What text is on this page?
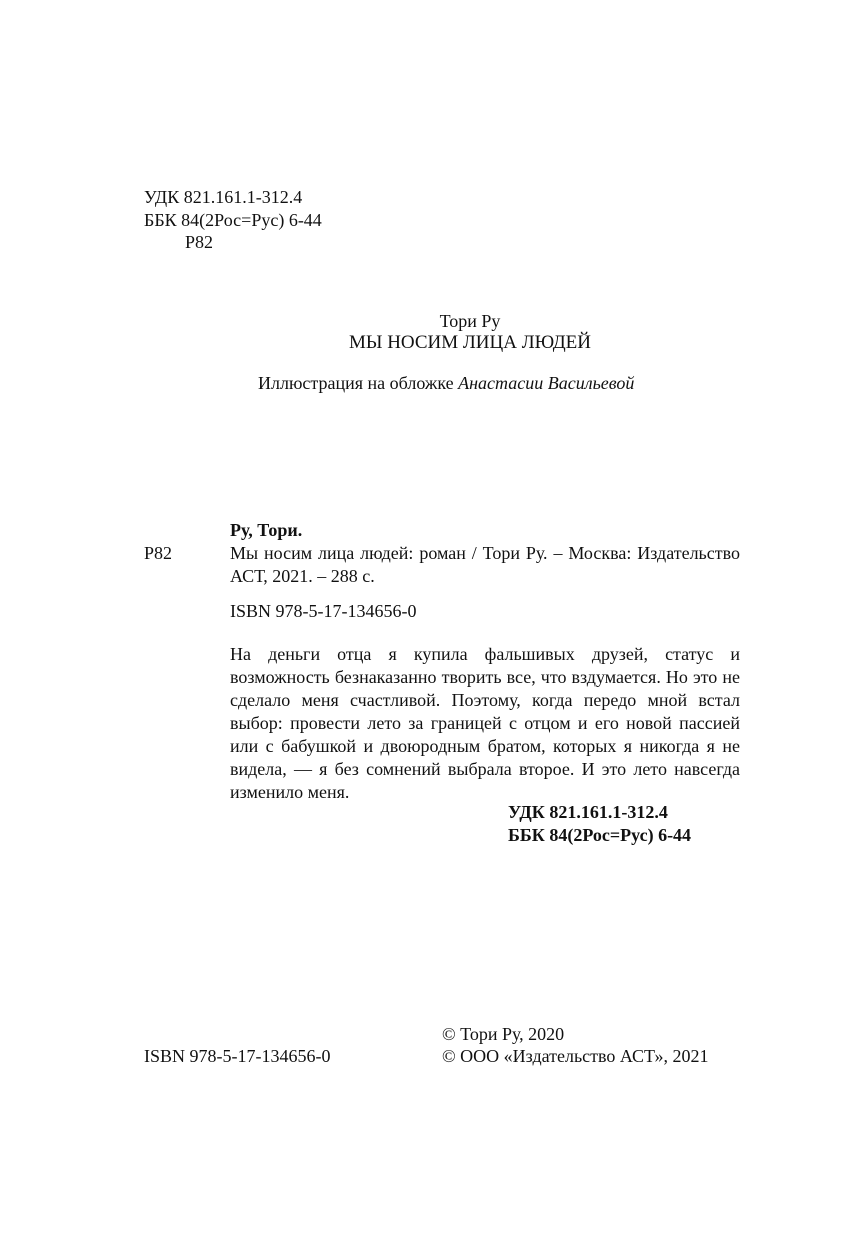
УДК 821.161.1-312.4
ББК 84(2Рос=Рус) 6-44
Р82
Тори Ру
МЫ НОСИМ ЛИЦА ЛЮДЕЙ
Иллюстрация на обложке Анастасии Васильевой
Ру, Тори.
Р82	Мы носим лица людей: роман / Тори Ру. – Москва: Издательство АСТ, 2021. – 288 с.
ISBN 978-5-17-134656-0
На деньги отца я купила фальшивых друзей, статус и возможность безнаказанно творить все, что вздумается. Но это не сделало меня счастливой. Поэтому, когда передо мной встал выбор: провести лето за границей с отцом и его новой пассией или с бабушкой и двоюродным братом, которых я никогда я не видела, — я без сомнений выбрала второе. И это лето навсегда изменило меня.
УДК 821.161.1-312.4
ББК 84(2Рос=Рус) 6-44
© Тори Ру, 2020
ISBN 978-5-17-134656-0	© ООО «Издательство АСТ», 2021
